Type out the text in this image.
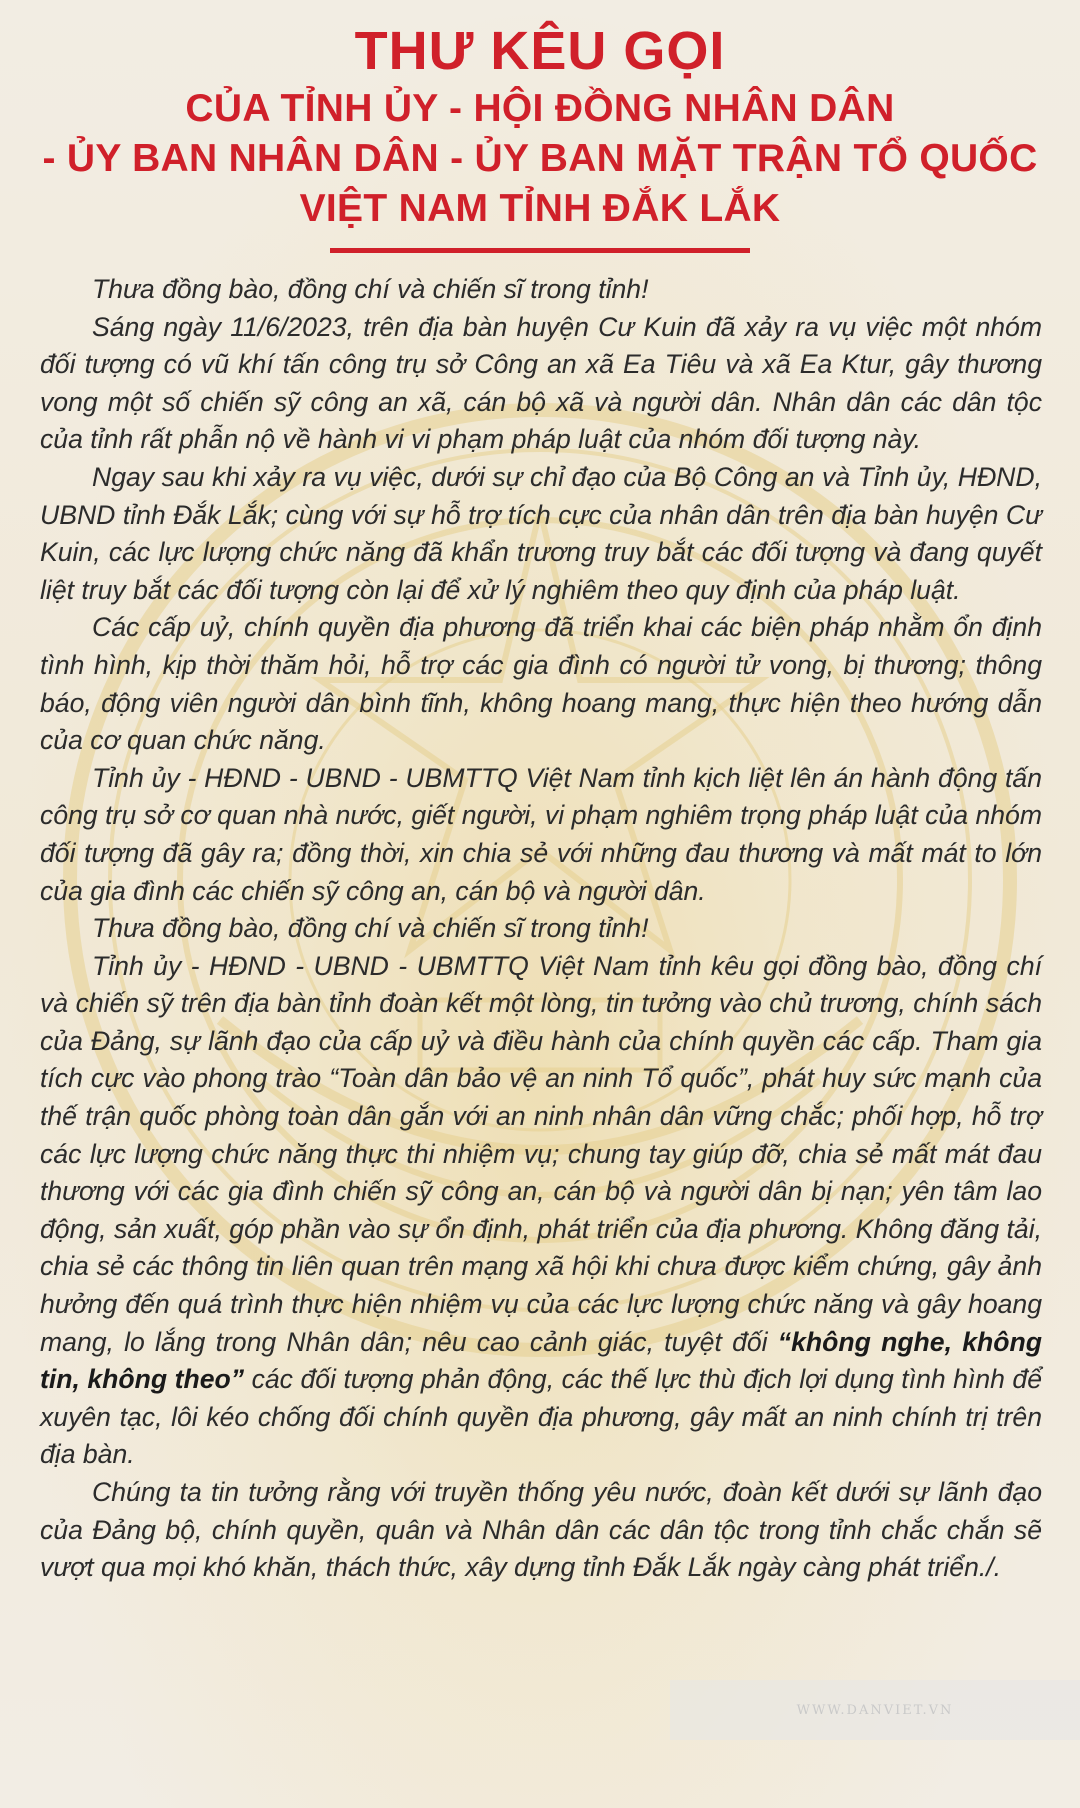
THƯ KÊU GỌI

CỦA TỈNH ỦY - HỘI ĐỒNG NHÂN DÂN

- ỦY BAN NHÂN DÂN - ỦY BAN MẶT TRẬN TỔ QUỐC

VIỆT NAM TỈNH ĐẮK LẮK

Thưa đồng bào, đồng chí và chiến sĩ trong tỉnh!

Sáng ngày 11/6/2023, trên địa bàn huyện Cư Kuin đã xảy ra vụ việc một nhóm đối tượng có vũ khí tấn công trụ sở Công an xã Ea Tiêu và xã Ea Ktur, gây thương vong một số chiến sỹ công an xã, cán bộ xã và người dân. Nhân dân các dân tộc của tỉnh rất phẫn nộ về hành vi vi phạm pháp luật của nhóm đối tượng này.

Ngay sau khi xảy ra vụ việc, dưới sự chỉ đạo của Bộ Công an và Tỉnh ủy, HĐND, UBND tỉnh Đắk Lắk; cùng với sự hỗ trợ tích cực của nhân dân trên địa bàn huyện Cư Kuin, các lực lượng chức năng đã khẩn trương truy bắt các đối tượng và đang quyết liệt truy bắt các đối tượng còn lại để xử lý nghiêm theo quy định của pháp luật.

Các cấp uỷ, chính quyền địa phương đã triển khai các biện pháp nhằm ổn định tình hình, kịp thời thăm hỏi, hỗ trợ các gia đình có người tử vong, bị thương; thông báo, động viên người dân bình tĩnh, không hoang mang, thực hiện theo hướng dẫn của cơ quan chức năng.

Tỉnh ủy - HĐND - UBND - UBMTTQ Việt Nam tỉnh kịch liệt lên án hành động tấn công trụ sở cơ quan nhà nước, giết người, vi phạm nghiêm trọng pháp luật của nhóm đối tượng đã gây ra; đồng thời, xin chia sẻ với những đau thương và mất mát to lớn của gia đình các chiến sỹ công an, cán bộ và người dân.

Thưa đồng bào, đồng chí và chiến sĩ trong tỉnh!

Tỉnh ủy - HĐND - UBND - UBMTTQ Việt Nam tỉnh kêu gọi đồng bào, đồng chí và chiến sỹ trên địa bàn tỉnh đoàn kết một lòng, tin tưởng vào chủ trương, chính sách của Đảng, sự lãnh đạo của cấp uỷ và điều hành của chính quyền các cấp. Tham gia tích cực vào phong trào “Toàn dân bảo vệ an ninh Tổ quốc”, phát huy sức mạnh của thế trận quốc phòng toàn dân gắn với an ninh nhân dân vững chắc; phối hợp, hỗ trợ các lực lượng chức năng thực thi nhiệm vụ; chung tay giúp đỡ, chia sẻ mất mát đau thương với các gia đình chiến sỹ công an, cán bộ và người dân bị nạn; yên tâm lao động, sản xuất, góp phần vào sự ổn định, phát triển của địa phương. Không đăng tải, chia sẻ các thông tin liên quan trên mạng xã hội khi chưa được kiểm chứng, gây ảnh hưởng đến quá trình thực hiện nhiệm vụ của các lực lượng chức năng và gây hoang mang, lo lắng trong Nhân dân; nêu cao cảnh giác, tuyệt đối “không nghe, không tin, không theo” các đối tượng phản động, các thế lực thù địch lợi dụng tình hình để xuyên tạc, lôi kéo chống đối chính quyền địa phương, gây mất an ninh chính trị trên địa bàn.

Chúng ta tin tưởng rằng với truyền thống yêu nước, đoàn kết dưới sự lãnh đạo của Đảng bộ, chính quyền, quân và Nhân dân các dân tộc trong tỉnh chắc chắn sẽ vượt qua mọi khó khăn, thách thức, xây dựng tỉnh Đắk Lắk ngày càng phát triển./.

WWW.DANVIET.VN
